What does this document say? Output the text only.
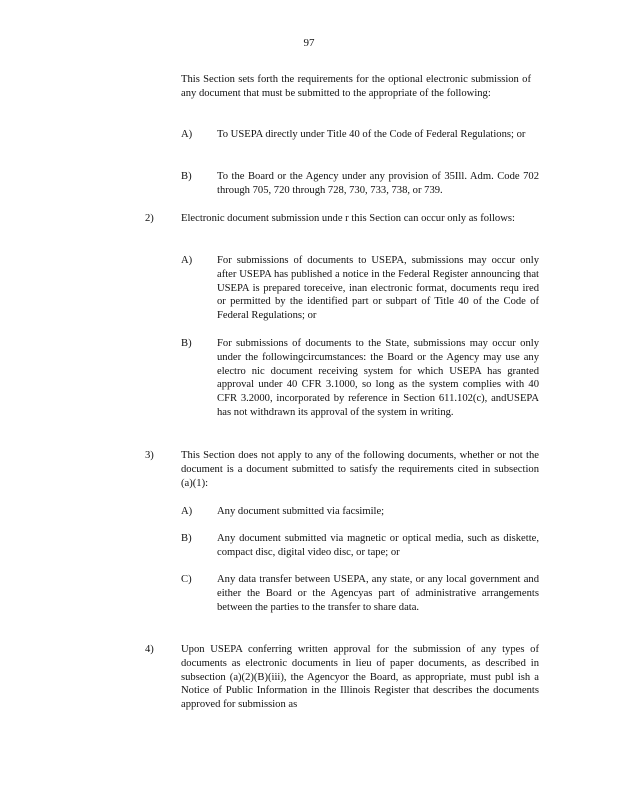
97
This Section sets forth the requirements for the optional electronic submission of any document that must be submitted to the appropriate of the following:
A) To USEPA directly under Title 40 of the Code of Federal Regulations; or
B) To the Board or the Agency under any provision of 35Ill. Adm. Code 702 through 705, 720 through 728, 730, 733, 738, or 739.
2)	Electronic document submission unde r this Section can occur only as follows:
A) For submissions of documents to USEPA, submissions may occur only after USEPA has published a notice in the Federal Register announcing that USEPA is prepared toreceive, inan electronic format, documents requ ired or permitted by the identified part or subpart of Title 40 of the Code of Federal Regulations; or
B) For submissions of documents to the State, submissions may occur only under the followingcircumstances: the Board or the Agency may use any electro nic document receiving system for which USEPA has granted approval under 40 CFR 3.1000, so long as the system complies with 40 CFR 3.2000, incorporated by reference in Section 611.102(c), andUSEPA has not withdrawn its approval of the system in writing.
3)	This Section does not apply to any of the following documents, whether or not the document is a document submitted to satisfy the requirements cited in subsection (a)(1):
A) Any document submitted via facsimile;
B) Any document submitted via magnetic or optical media, such as diskette, compact disc, digital video disc, or tape; or
C) Any data transfer between USEPA, any state, or any local government and either the Board or the Agencyas part of administrative arrangements between the parties to the transfer to share data.
4)	Upon USEPA conferring written approval for the submission of any types of documents as electronic documents in lieu of paper documents, as described in subsection (a)(2)(B)(iii), the Agencyor the Board, as appropriate, must publ ish a Notice of Public Information in the Illinois Register that describes the documents approved for submission as
